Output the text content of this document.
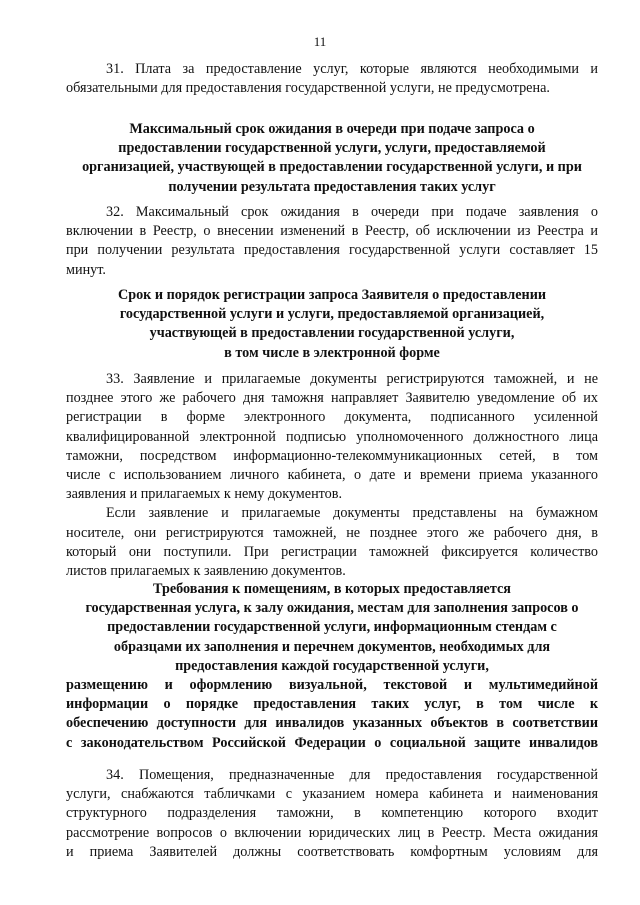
11
31. Плата за предоставление услуг, которые являются необходимыми и
обязательными для предоставления государственной услуги, не предусмотрена.
Максимальный срок ожидания в очереди при подаче запроса о
предоставлении государственной услуги, услуги, предоставляемой
организацией, участвующей в предоставлении государственной услуги, и при
получении результата предоставления таких услуг
32. Максимальный срок ожидания в очереди при подаче заявления о
включении в Реестр, о внесении изменений в Реестр, об исключении из Реестра и
при получении результата предоставления государственной услуги составляет 15
минут.
Срок и порядок регистрации запроса Заявителя о предоставлении
государственной услуги и услуги, предоставляемой организацией,
участвующей в предоставлении государственной услуги,
в том числе в электронной форме
33. Заявление и прилагаемые документы регистрируются таможней, и не
позднее этого же рабочего дня таможня направляет Заявителю уведомление об их
регистрации в форме электронного документа, подписанного усиленной
квалифицированной электронной подписью уполномоченного должностного лица
таможни, посредством информационно-телекоммуникационных сетей, в том
числе с использованием личного кабинета, о дате и времени приема указанного
заявления и прилагаемых к нему документов.
Если заявление и прилагаемые документы представлены на бумажном
носителе, они регистрируются таможней, не позднее этого же рабочего дня, в
который они поступили. При регистрации таможней фиксируется количество
листов прилагаемых к заявлению документов.
Требования к помещениям, в которых предоставляется
государственная услуга, к залу ожидания, местам для заполнения запросов о
предоставлении государственной услуги, информационным стендам с
образцами их заполнения и перечнем документов, необходимых для
предоставления каждой государственной услуги,
размещению и оформлению визуальной, текстовой и мультимедийной
информации о порядке предоставления таких услуг, в том числе к
обеспечению доступности для инвалидов указанных объектов в соответствии
с законодательством Российской Федерации о социальной защите инвалидов
34. Помещения, предназначенные для предоставления государственной
услуги, снабжаются табличками с указанием номера кабинета и наименования
структурного подразделения таможни, в компетенцию которого входит
рассмотрение вопросов о включении юридических лиц в Реестр. Места ожидания
и приема Заявителей должны соответствовать комфортным условиям для
